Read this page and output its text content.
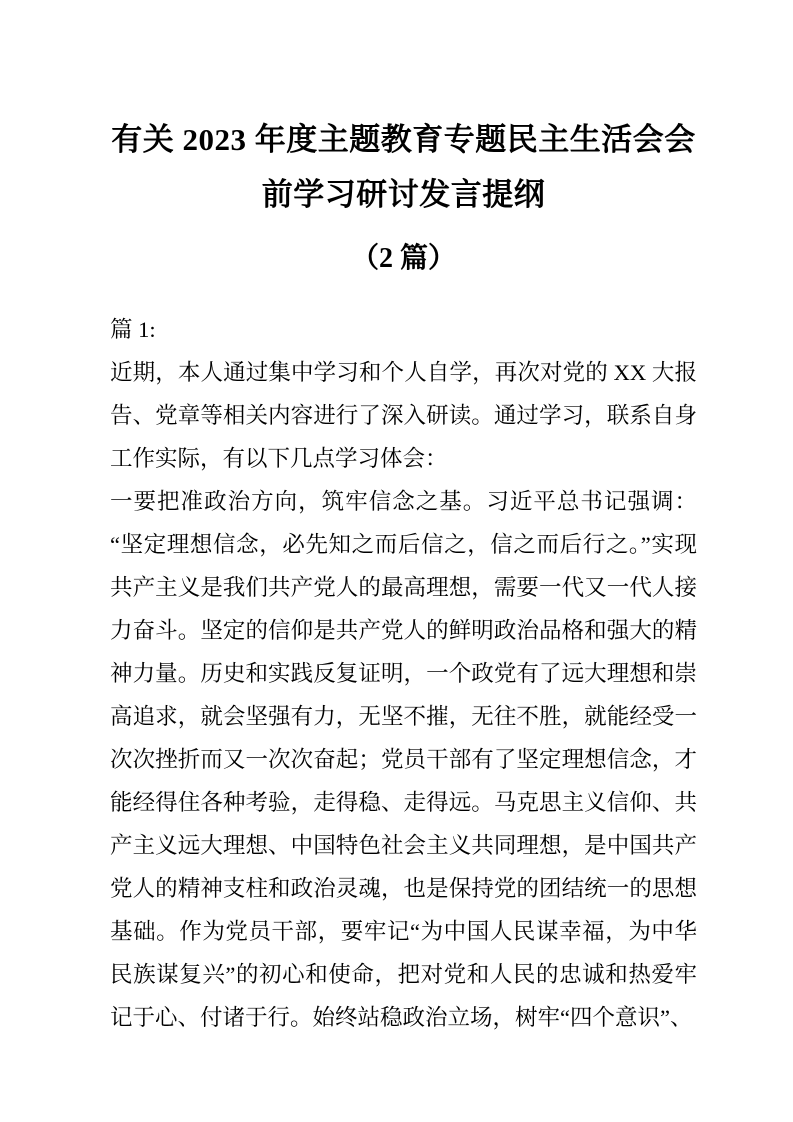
有关 2023 年度主题教育专题民主生活会会前学习研讨发言提纲
（2 篇）

篇 1:

近期，本人通过集中学习和个人自学，再次对党的 XX 大报告、党章等相关内容进行了深入研读。通过学习，联系自身工作实际，有以下几点学习体会：

一要把准政治方向，筑牢信念之基。习近平总书记强调：“坚定理想信念，必先知之而后信之，信之而后行之。”实现共产主义是我们共产党人的最高理想，需要一代又一代人接力奋斗。坚定的信仰是共产党人的鲜明政治品格和强大的精神力量。历史和实践反复证明，一个政党有了远大理想和崇高追求，就会坚强有力，无坚不摧，无往不胜，就能经受一次次挫折而又一次次奋起；党员干部有了坚定理想信念，才能经得住各种考验，走得稳、走得远。马克思主义信仰、共产主义远大理想、中国特色社会主义共同理想，是中国共产党人的精神支柱和政治灵魂，也是保持党的团结统一的思想基础。作为党员干部，要牢记“为中国人民谋幸福，为中华民族谋复兴”的初心和使命，把对党和人民的忠诚和热爱牢记于心、付诸于行。始终站稳政治立场，树牢“四个意识”、
